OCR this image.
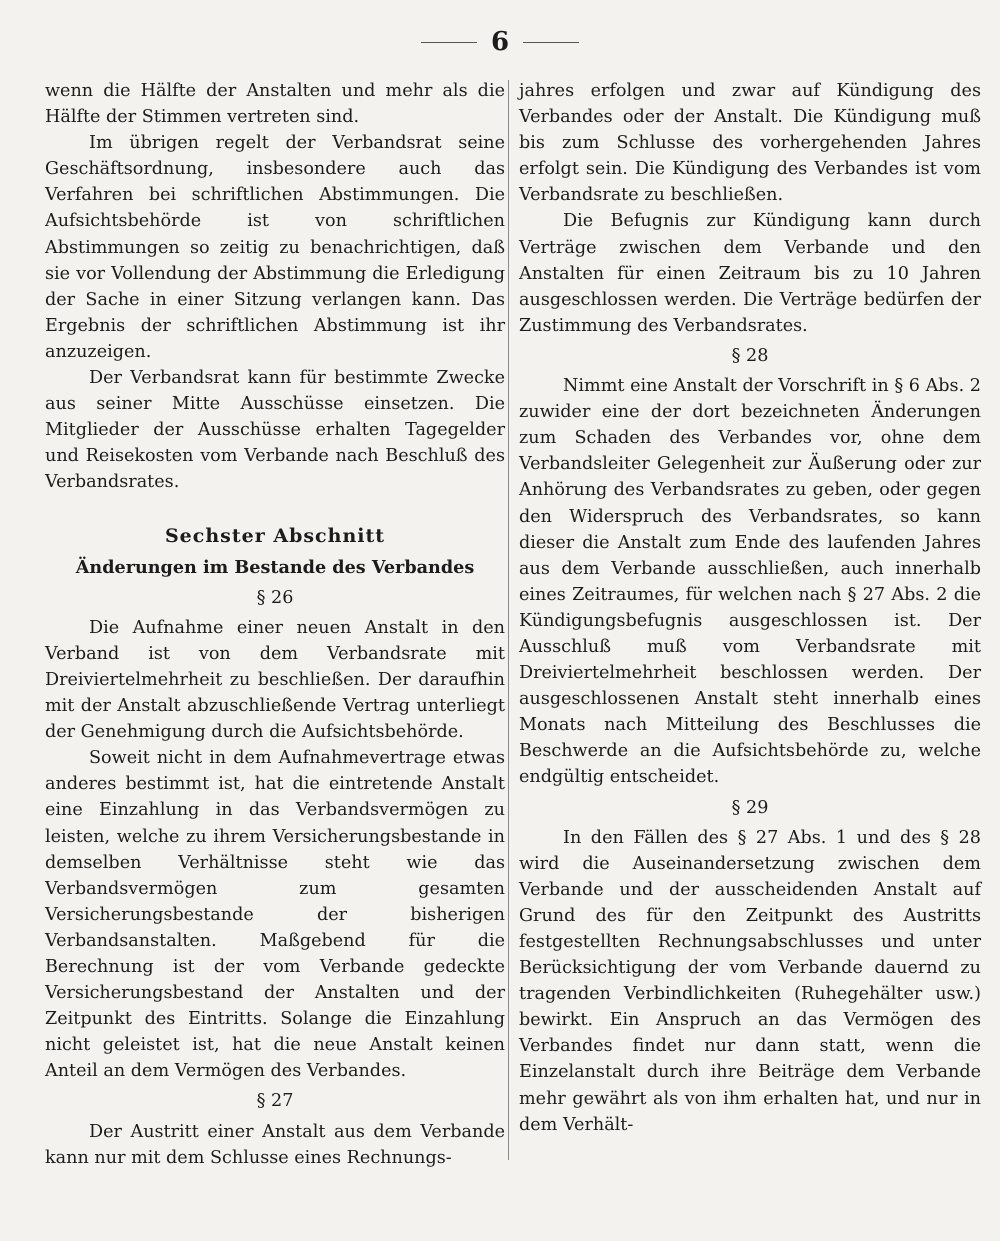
6

wenn die Hälfte der Anstalten und mehr als die Hälfte der Stimmen vertreten sind.

Im übrigen regelt der Verbandsrat seine Geschäftsordnung, insbesondere auch das Verfahren bei schriftlichen Abstimmungen. Die Aufsichtsbehörde ist von schriftlichen Abstimmungen so zeitig zu benachrichtigen, daß sie vor Vollendung der Abstimmung die Erledigung der Sache in einer Sitzung verlangen kann. Das Ergebnis der schriftlichen Abstimmung ist ihr anzuzeigen.

Der Verbandsrat kann für bestimmte Zwecke aus seiner Mitte Ausschüsse einsetzen. Die Mitglieder der Ausschüsse erhalten Tagegelder und Reisekosten vom Verbande nach Beschluß des Verbandsrates.

Sechster Abschnitt
Änderungen im Bestande des Verbandes
§ 26

Die Aufnahme einer neuen Anstalt in den Verband ist von dem Verbandsrate mit Dreiviertelmehrheit zu beschließen. Der daraufhin mit der Anstalt abzuschließende Vertrag unterliegt der Genehmigung durch die Aufsichtsbehörde.

Soweit nicht in dem Aufnahmevertrage etwas anderes bestimmt ist, hat die eintretende Anstalt eine Einzahlung in das Verbandsvermögen zu leisten, welche zu ihrem Versicherungsbestande in demselben Verhältnisse steht wie das Verbandsvermögen zum gesamten Versicherungsbestande der bisherigen Verbandsanstalten. Maßgebend für die Berechnung ist der vom Verbande gedeckte Versicherungsbestand der Anstalten und der Zeitpunkt des Eintritts. Solange die Einzahlung nicht geleistet ist, hat die neue Anstalt keinen Anteil an dem Vermögen des Verbandes.

§ 27

Der Austritt einer Anstalt aus dem Verbande kann nur mit dem Schlusse eines Rechnungs-

jahres erfolgen und zwar auf Kündigung des Verbandes oder der Anstalt. Die Kündigung muß bis zum Schlusse des vorhergehenden Jahres erfolgt sein. Die Kündigung des Verbandes ist vom Verbandsrate zu beschließen.

Die Befugnis zur Kündigung kann durch Verträge zwischen dem Verbande und den Anstalten für einen Zeitraum bis zu 10 Jahren ausgeschlossen werden. Die Verträge bedürfen der Zustimmung des Verbandsrates.

§ 28

Nimmt eine Anstalt der Vorschrift in § 6 Abs. 2 zuwider eine der dort bezeichneten Änderungen zum Schaden des Verbandes vor, ohne dem Verbandsleiter Gelegenheit zur Äußerung oder zur Anhörung des Verbandsrates zu geben, oder gegen den Widerspruch des Verbandsrates, so kann dieser die Anstalt zum Ende des laufenden Jahres aus dem Verbande ausschließen, auch innerhalb eines Zeitraumes, für welchen nach § 27 Abs. 2 die Kündigungsbefugnis ausgeschlossen ist. Der Ausschluß muß vom Verbandsrate mit Dreiviertelmehrheit beschlossen werden. Der ausgeschlossenen Anstalt steht innerhalb eines Monats nach Mitteilung des Beschlusses die Beschwerde an die Aufsichtsbehörde zu, welche endgültig entscheidet.

§ 29

In den Fällen des § 27 Abs. 1 und des § 28 wird die Auseinandersetzung zwischen dem Verbande und der ausscheidenden Anstalt auf Grund des für den Zeitpunkt des Austritts festgestellten Rechnungsabschlusses und unter Berücksichtigung der vom Verbande dauernd zu tragenden Verbindlichkeiten (Ruhegehälter usw.) bewirkt. Ein Anspruch an das Vermögen des Verbandes findet nur dann statt, wenn die Einzelanstalt durch ihre Beiträge dem Verbande mehr gewährt als von ihm erhalten hat, und nur in dem Verhält-
